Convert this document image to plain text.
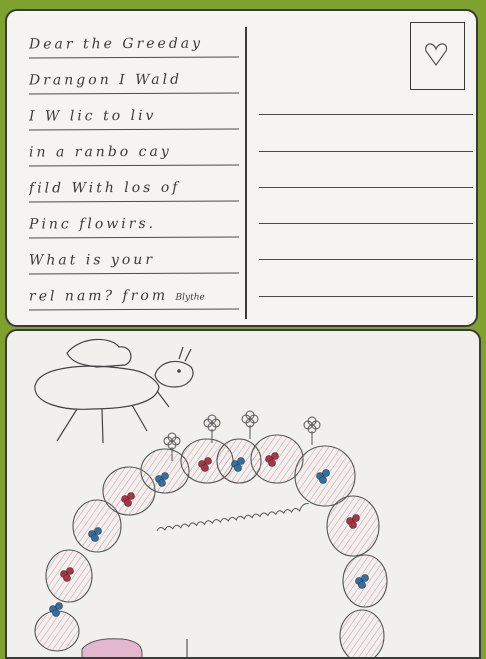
Dear the Greeday
Drangon I Wald
I W lic to liv
in a ranbo cay
fild With los of
Pinc flowirs.
What is your
rel nam? from Blythe
